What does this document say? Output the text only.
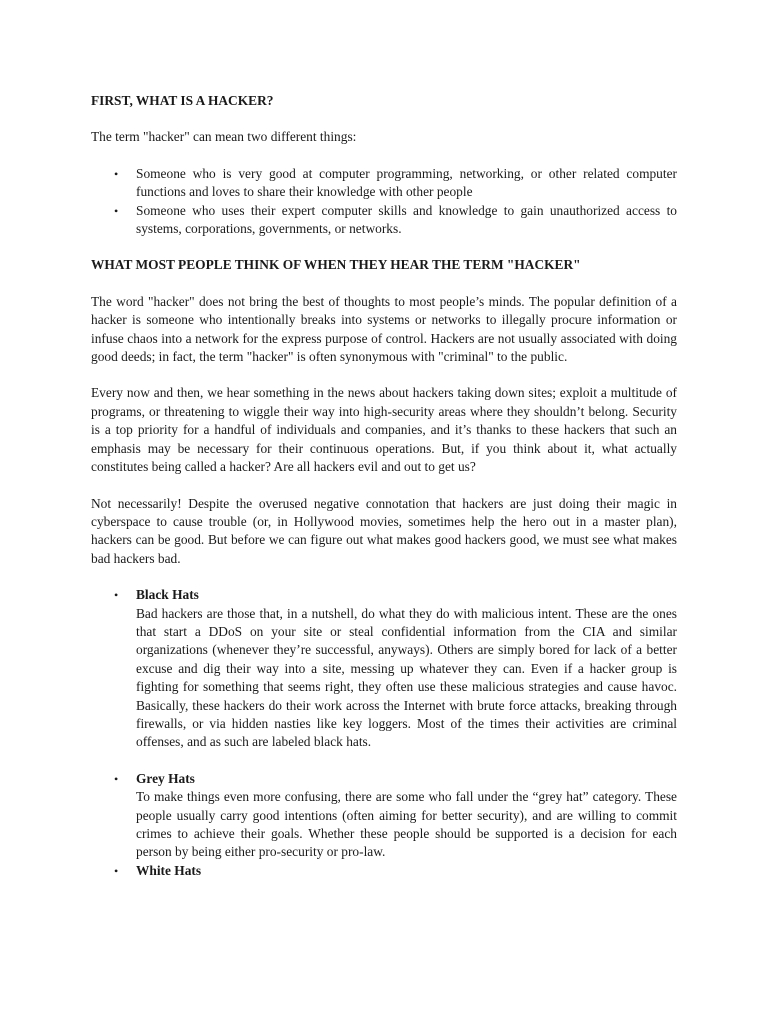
FIRST, WHAT IS A HACKER?
The term "hacker" can mean two different things:
• Someone who is very good at computer programming, networking, or other related computer functions and loves to share their knowledge with other people
• Someone who uses their expert computer skills and knowledge to gain unauthorized access to systems, corporations, governments, or networks.
WHAT MOST PEOPLE THINK OF WHEN THEY HEAR THE TERM "HACKER"

The word "hacker" does not bring the best of thoughts to most people’s minds. The popular definition of a hacker is someone who intentionally breaks into systems or networks to illegally procure information or infuse chaos into a network for the express purpose of control. Hackers are not usually associated with doing good deeds; in fact, the term "hacker" is often synonymous with "criminal" to the public.

Every now and then, we hear something in the news about hackers taking down sites; exploit a multitude of programs, or threatening to wiggle their way into high-security areas where they shouldn’t belong. Security is a top priority for a handful of individuals and companies, and it’s thanks to these hackers that such an emphasis may be necessary for their continuous operations. But, if you think about it, what actually constitutes being called a hacker? Are all hackers evil and out to get us?

Not necessarily! Despite the overused negative connotation that hackers are just doing their magic in cyberspace to cause trouble (or, in Hollywood movies, sometimes help the hero out in a master plan), hackers can be good. But before we can figure out what makes good hackers good, we must see what makes bad hackers bad.

• Black Hats
Bad hackers are those that, in a nutshell, do what they do with malicious intent. These are the ones that start a DDoS on your site or steal confidential information from the CIA and similar organizations (whenever they’re successful, anyways). Others are simply bored for lack of a better excuse and dig their way into a site, messing up whatever they can. Even if a hacker group is fighting for something that seems right, they often use these malicious strategies and cause havoc. Basically, these hackers do their work across the Internet with brute force attacks, breaking through firewalls, or via hidden nasties like key loggers. Most of the times their activities are criminal offenses, and as such are labeled black hats.
• Grey Hats
To make things even more confusing, there are some who fall under the “grey hat” category. These people usually carry good intentions (often aiming for better security), and are willing to commit crimes to achieve their goals. Whether these people should be supported is a decision for each person by being either pro-security or pro-law.
• White Hats
